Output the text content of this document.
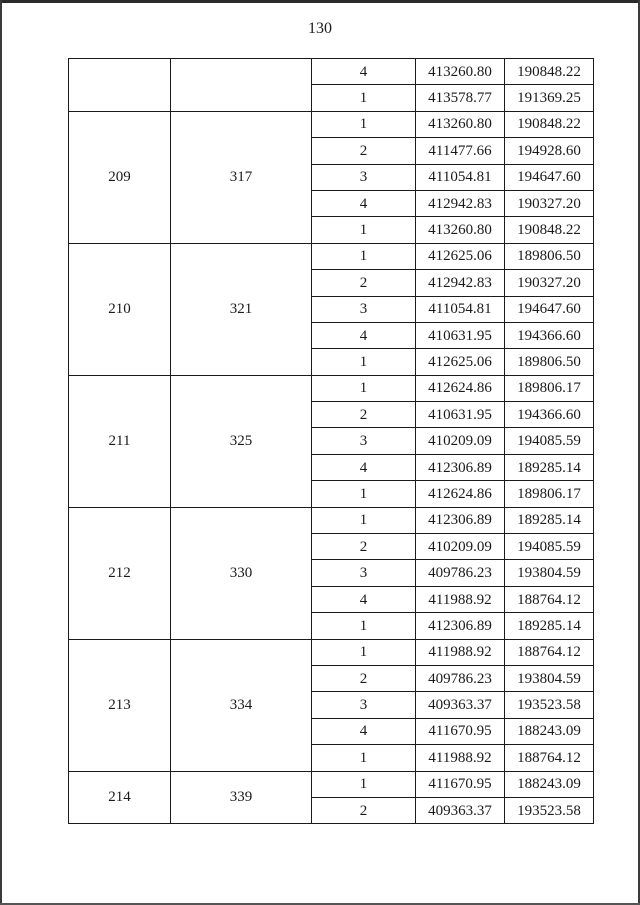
130
		4	413260.80	190848.22
		1	413578.77	191369.25
209	317	1	413260.80	190848.22
		2	411477.66	194928.60
		3	411054.81	194647.60
		4	412942.83	190327.20
		1	413260.80	190848.22
210	321	1	412625.06	189806.50
		2	412942.83	190327.20
		3	411054.81	194647.60
		4	410631.95	194366.60
		1	412625.06	189806.50
211	325	1	412624.86	189806.17
		2	410631.95	194366.60
		3	410209.09	194085.59
		4	412306.89	189285.14
		1	412624.86	189806.17
212	330	1	412306.89	189285.14
		2	410209.09	194085.59
		3	409786.23	193804.59
		4	411988.92	188764.12
		1	412306.89	189285.14
213	334	1	411988.92	188764.12
		2	409786.23	193804.59
		3	409363.37	193523.58
		4	411670.95	188243.09
		1	411988.92	188764.12
214	339	1	411670.95	188243.09
		2	409363.37	193523.58
